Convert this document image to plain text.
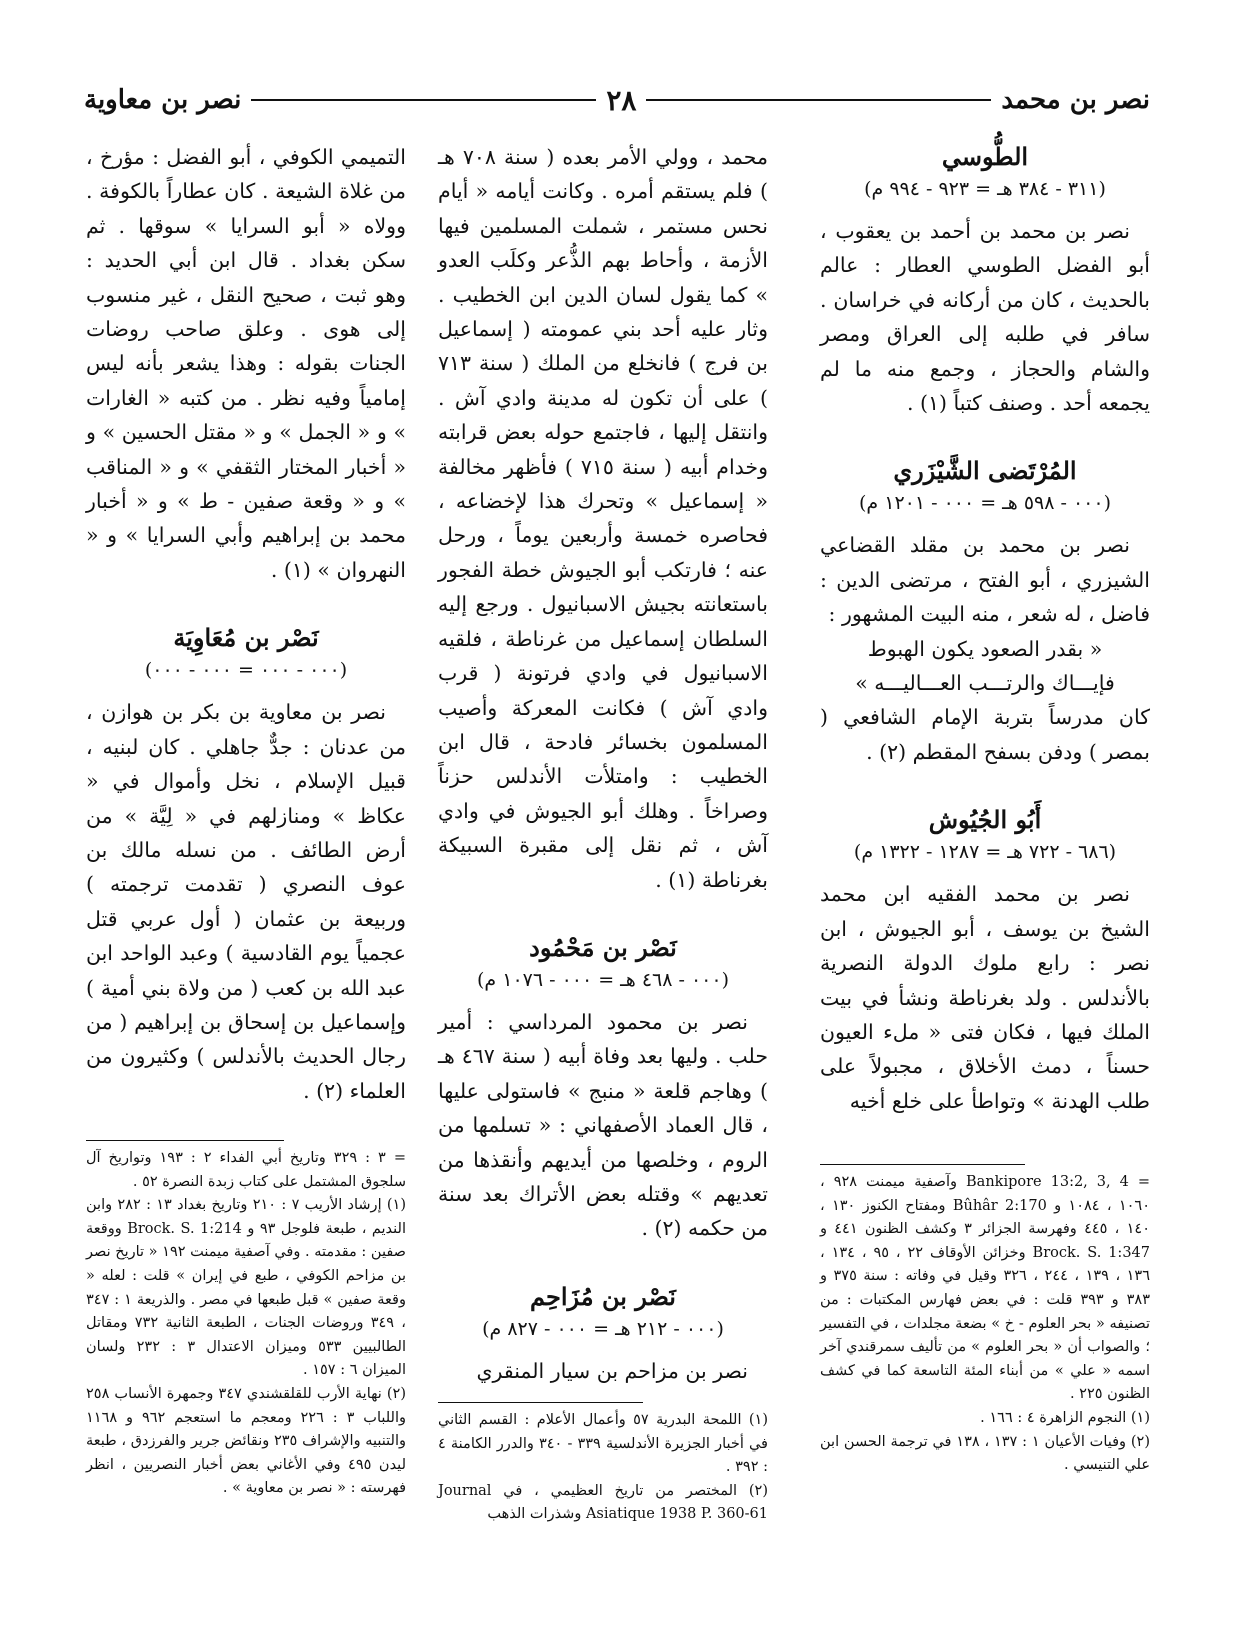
نصر بن محمد
٢٨
نصر بن معاوية
الطُّوسي
(٣١١ - ٣٨٤ هـ = ٩٢٣ - ٩٩٤ م)

نصر بن محمد بن أحمد بن يعقوب ، أبو الفضل الطوسي العطار : عالم بالحديث ، كان من أركانه في خراسان . سافر في طلبه إلى العراق ومصر والشام والحجاز ، وجمع منه ما لم يجمعه أحد . وصنف كتباً (١) .

المُرْتَضى الشَّيْزَري
(٠٠٠ - ٥٩٨ هـ = ٠٠٠ - ١٢٠١ م)

نصر بن محمد بن مقلد القضاعي الشيزري ، أبو الفتح ، مرتضى الدين : فاضل ، له شعر ، منه البيت المشهور :

« بقدر الصعود يكون الهبوط

فإيـــاك والرتـــب العـــاليـــه »

كان مدرساً بتربة الإمام الشافعي ( بمصر ) ودفن بسفح المقطم (٢) .

أَبُو الجُيُوش
(٦٨٦ - ٧٢٢ هـ = ١٢٨٧ - ١٣٢٢ م)

نصر بن محمد الفقيه ابن محمد الشيخ بن يوسف ، أبو الجيوش ، ابن نصر : رابع ملوك الدولة النصرية بالأندلس . ولد بغرناطة ونشأ في بيت الملك فيها ، فكان فتى « ملء العيون حسناً ، دمث الأخلاق ، مجبولاً على طلب الهدنة » وتواطأ على خلع أخيه

محمد ، وولي الأمر بعده ( سنة ٧٠٨ هـ ) فلم يستقم أمره . وكانت أيامه « أيام نحس مستمر ، شملت المسلمين فيها الأزمة ، وأحاط بهم الذُّعر وكلَب العدو » كما يقول لسان الدين ابن الخطيب . وثار عليه أحد بني عمومته ( إسماعيل بن فرج ) فانخلع من الملك ( سنة ٧١٣ ) على أن تكون له مدينة وادي آش . وانتقل إليها ، فاجتمع حوله بعض قرابته وخدام أبيه ( سنة ٧١٥ ) فأظهر مخالفة « إسماعيل » وتحرك هذا لإخضاعه ، فحاصره خمسة وأربعين يوماً ، ورحل عنه ؛ فارتكب أبو الجيوش خطة الفجور باستعانته بجيش الاسبانيول . ورجع إليه السلطان إسماعيل من غرناطة ، فلقيه الاسبانيول في وادي فرتونة ( قرب وادي آش ) فكانت المعركة وأصيب المسلمون بخسائر فادحة ، قال ابن الخطيب : وامتلأت الأندلس حزناً وصراخاً . وهلك أبو الجيوش في وادي آش ، ثم نقل إلى مقبرة السبيكة بغرناطة (١) .

نَصْر بن مَحْمُود
(٠٠٠ - ٤٦٨ هـ = ٠٠٠ - ١٠٧٦ م)

نصر بن محمود المرداسي : أمير حلب . وليها بعد وفاة أبيه ( سنة ٤٦٧ هـ ) وهاجم قلعة « منبج » فاستولى عليها ، قال العماد الأصفهاني : « تسلمها من الروم ، وخلصها من أيديهم وأنقذها من تعديهم » وقتله بعض الأتراك بعد سنة من حكمه (٢) .

نَصْر بن مُزَاحِم
(٠٠٠ - ٢١٢ هـ = ٠٠٠ - ٨٢٧ م)

نصر بن مزاحم بن سيار المنقري

التميمي الكوفي ، أبو الفضل : مؤرخ ، من غلاة الشيعة . كان عطاراً بالكوفة . وولاه « أبو السرايا » سوقها . ثم سكن بغداد . قال ابن أبي الحديد : وهو ثبت ، صحيح النقل ، غير منسوب إلى هوى . وعلق صاحب روضات الجنات بقوله : وهذا يشعر بأنه ليس إمامياً وفيه نظر . من كتبه « الغارات » و « الجمل » و « مقتل الحسين » و « أخبار المختار الثقفي » و « المناقب » و « وقعة صفين - ط » و « أخبار محمد بن إبراهيم وأبي السرايا » و « النهروان » (١) .

نَصْر بن مُعَاوِيَة
(٠٠٠ - ٠٠٠ = ٠٠٠ - ٠٠٠)

نصر بن معاوية بن بكر بن هوازن ، من عدنان : جدٌّ جاهلي . كان لبنيه ، قبيل الإسلام ، نخل وأموال في « عكاظ » ومنازلهم في « لِيَّة » من أرض الطائف . من نسله مالك بن عوف النصري ( تقدمت ترجمته ) وربيعة بن عثمان ( أول عربي قتل عجمياً يوم القادسية ) وعبد الواحد ابن عبد الله بن كعب ( من ولاة بني أمية ) وإسماعيل بن إسحاق بن إبراهيم ( من رجال الحديث بالأندلس ) وكثيرون من العلماء (٢) .

= ٣ : ٣٢٩ وتاريخ أبي الفداء ٢ : ١٩٣ وتواريخ آل سلجوق المشتمل على كتاب زبدة النصرة ٥٢ .

(١) إرشاد الأريب ٧ : ٢١٠ وتاريخ بغداد ١٣ : ٢٨٢ وابن النديم ، طبعة فلوجل ٩٣ و Brock. S. 1:214 ووقعة صفين : مقدمته . وفي آصفية ميمنت ١٩٢ « تاريخ نصر بن مزاحم الكوفي ، طبع في إيران » قلت : لعله « وقعة صفين » قبل طبعها في مصر . والذريعة ١ : ٣٤٧ ، ٣٤٩ وروضات الجنات ، الطبعة الثانية ٧٣٢ ومقاتل الطالبيين ٥٣٣ وميزان الاعتدال ٣ : ٢٣٢ ولسان الميزان ٦ : ١٥٧ .

(٢) نهاية الأرب للقلقشندي ٣٤٧ وجمهرة الأنساب ٢٥٨ واللباب ٣ : ٢٢٦ ومعجم ما استعجم ٩٦٢ و ١١٦٨ والتنبيه والإشراف ٢٣٥ ونقائض جرير والفرزدق ، طبعة ليدن ٤٩٥ وفي الأغاني بعض أخبار النصريين ، انظر فهرسته : « نصر بن معاوية » .

(١) اللمحة البدرية ٥٧ وأعمال الأعلام : القسم الثاني في أخبار الجزيرة الأندلسية ٣٣٩ - ٣٤٠ والدرر الكامنة ٤ : ٣٩٢ .

(٢) المختصر من تاريخ العظيمي ، في Journal Asiatique 1938 P. 360-61 وشذرات الذهب

= Bankipore 13:2, 3, 4 وآصفية ميمنت ٩٢٨ ، ١٠٦٠ ، ١٠٨٤ و Bûhâr 2:170 ومفتاح الكنوز ١٣٠ ، ١٤٠ ، ٤٤٥ وفهرسة الجزائر ٣ وكشف الظنون ٤٤١ و Brock. S. 1:347 وخزائن الأوقاف ٢٢ ، ٩٥ ، ١٣٤ ، ١٣٦ ، ١٣٩ ، ٢٤٤ ، ٣٢٦ وقيل في وفاته : سنة ٣٧٥ و ٣٨٣ و ٣٩٣ قلت : في بعض فهارس المكتبات : من تصنيفه « بحر العلوم - خ » بضعة مجلدات ، في التفسير ؛ والصواب أن « بحر العلوم » من تأليف سمرقندي آخر اسمه « علي » من أبناء المئة التاسعة كما في كشف الظنون ٢٢٥ .

(١) النجوم الزاهرة ٤ : ١٦٦ .

(٢) وفيات الأعيان ١ : ١٣٧ ، ١٣٨ في ترجمة الحسن ابن علي التنيسي .
